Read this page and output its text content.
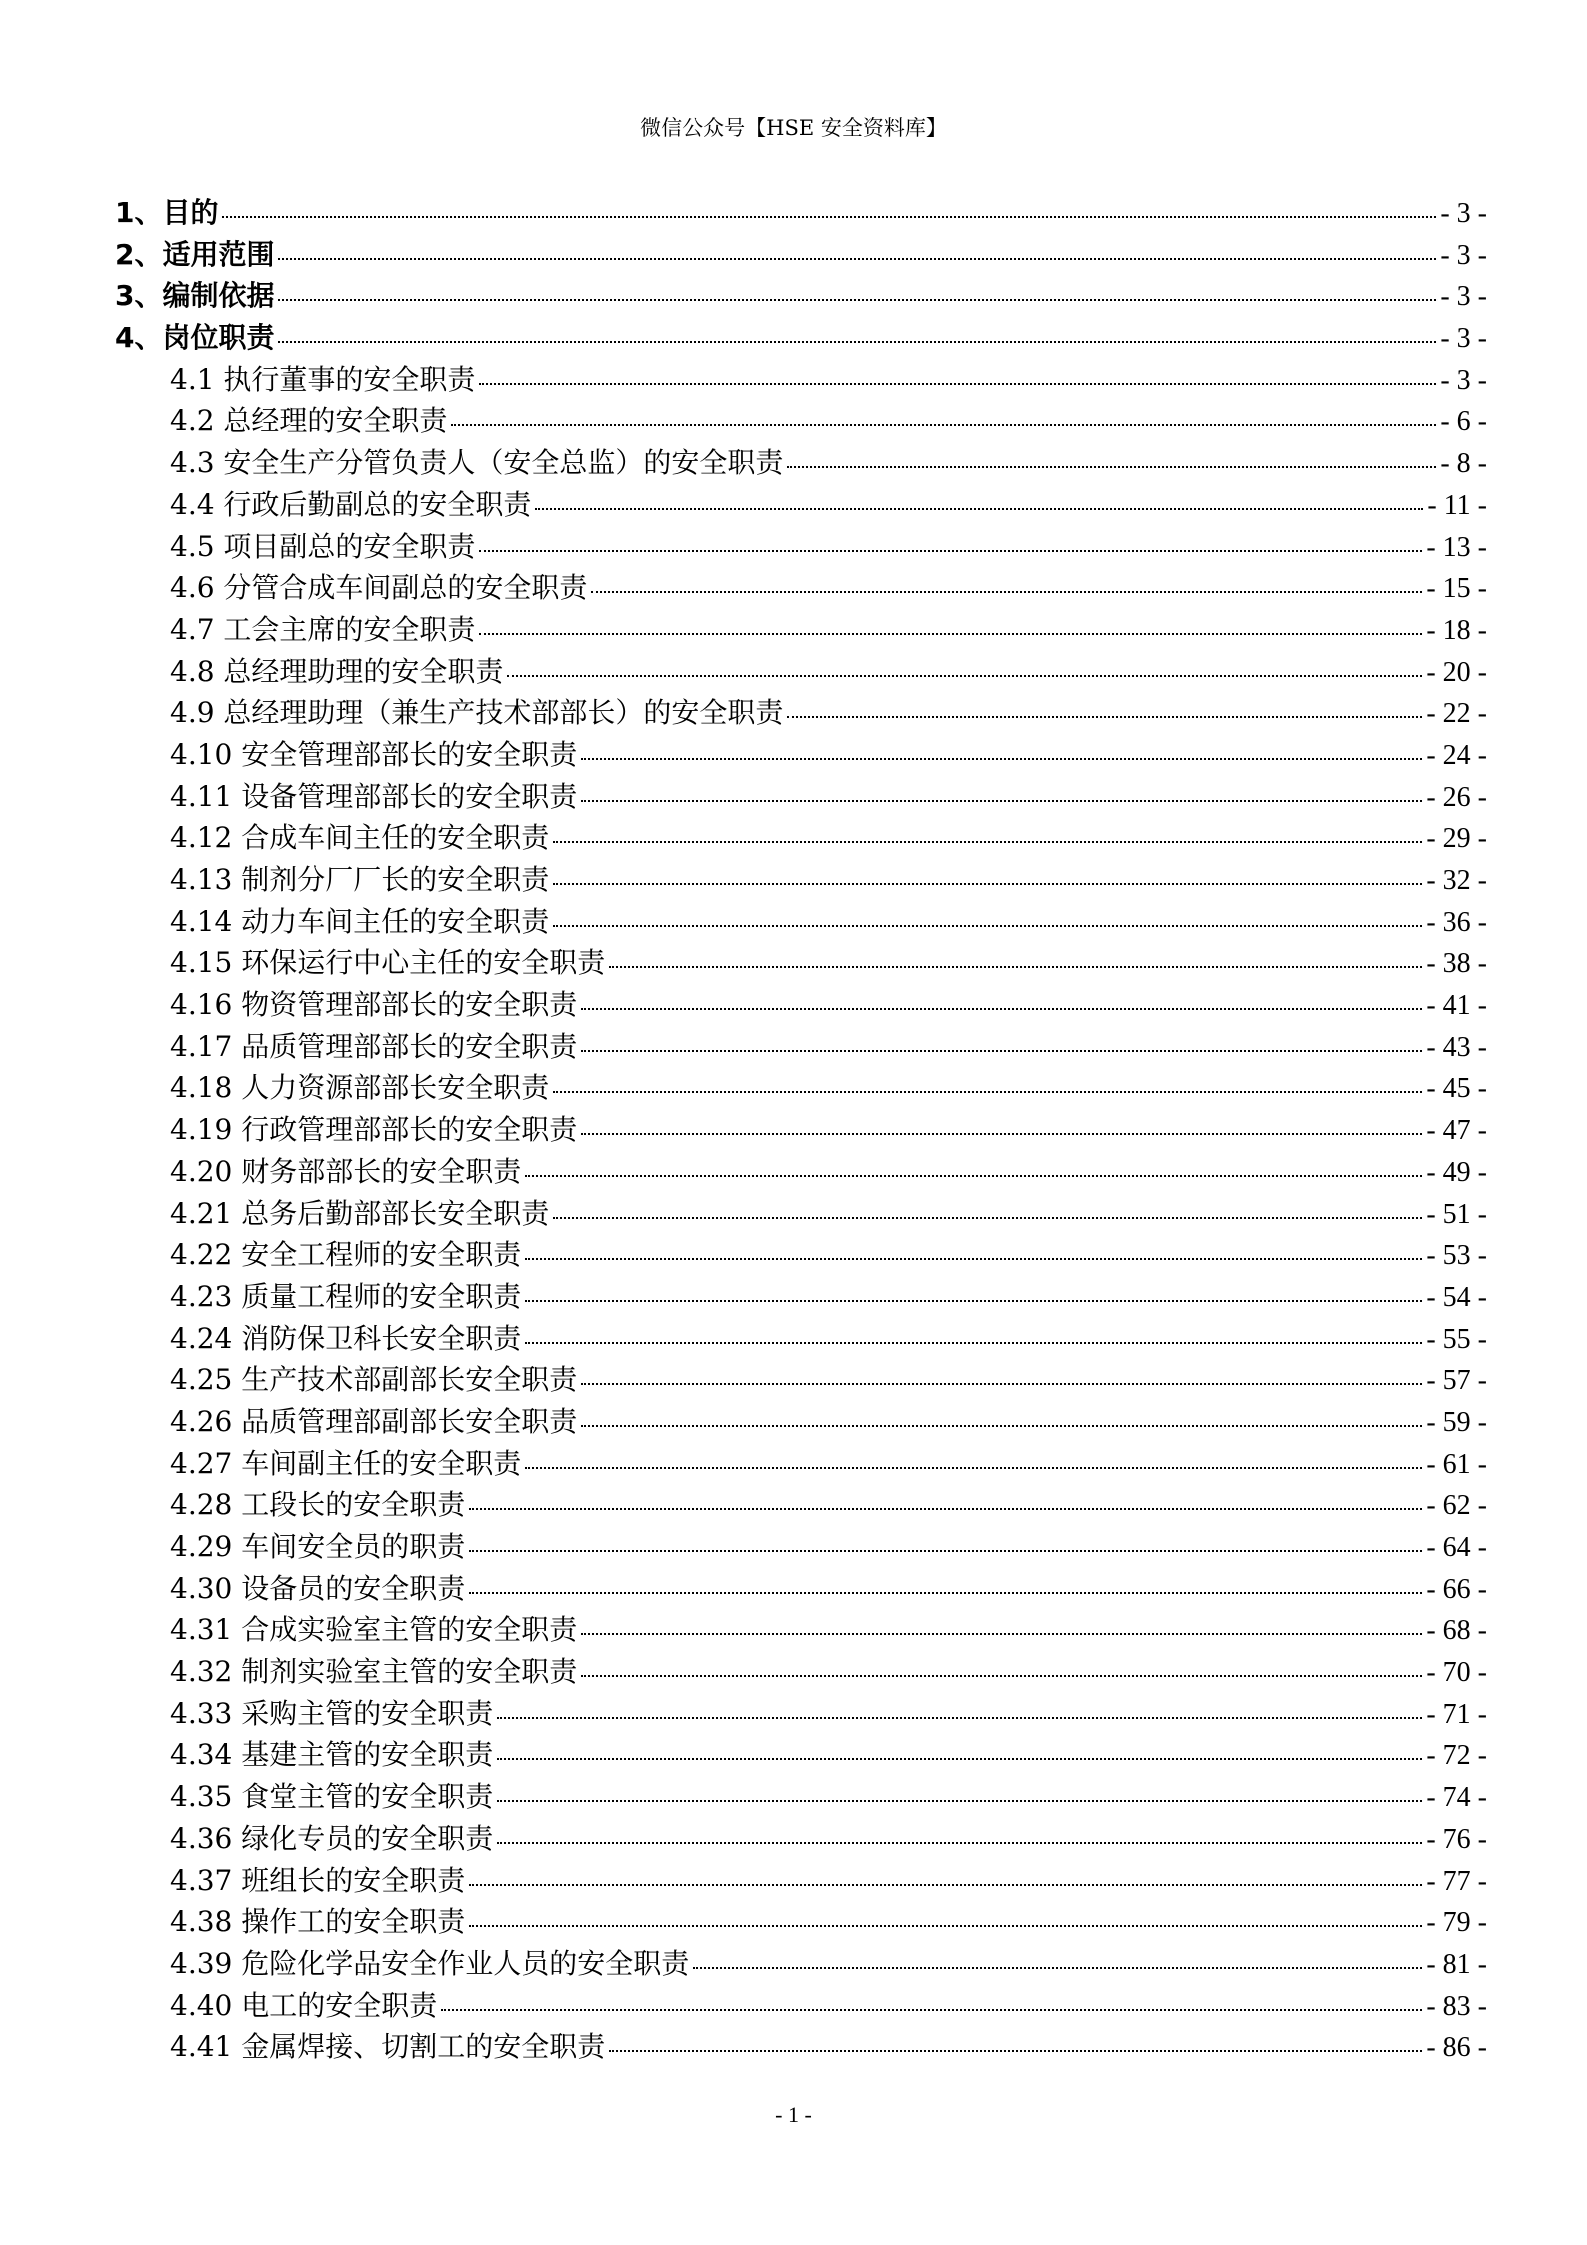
微信公众号【HSE 安全资料库】
1、目的	- 3 -
2、适用范围	- 3 -
3、编制依据	- 3 -
4、岗位职责	- 3 -
4.1 执行董事的安全职责	- 3 -
4.2 总经理的安全职责	- 6 -
4.3 安全生产分管负责人（安全总监）的安全职责	- 8 -
4.4 行政后勤副总的安全职责	- 11 -
4.5 项目副总的安全职责	- 13 -
4.6 分管合成车间副总的安全职责	- 15 -
4.7 工会主席的安全职责	- 18 -
4.8 总经理助理的安全职责	- 20 -
4.9 总经理助理（兼生产技术部部长）的安全职责	- 22 -
4.10 安全管理部部长的安全职责	- 24 -
4.11 设备管理部部长的安全职责	- 26 -
4.12 合成车间主任的安全职责	- 29 -
4.13 制剂分厂厂长的安全职责	- 32 -
4.14 动力车间主任的安全职责	- 36 -
4.15 环保运行中心主任的安全职责	- 38 -
4.16 物资管理部部长的安全职责	- 41 -
4.17 品质管理部部长的安全职责	- 43 -
4.18 人力资源部部长安全职责	- 45 -
4.19 行政管理部部长的安全职责	- 47 -
4.20 财务部部长的安全职责	- 49 -
4.21 总务后勤部部长安全职责	- 51 -
4.22 安全工程师的安全职责	- 53 -
4.23 质量工程师的安全职责	- 54 -
4.24 消防保卫科长安全职责	- 55 -
4.25 生产技术部副部长安全职责	- 57 -
4.26 品质管理部副部长安全职责	- 59 -
4.27 车间副主任的安全职责	- 61 -
4.28 工段长的安全职责	- 62 -
4.29 车间安全员的职责	- 64 -
4.30 设备员的安全职责	- 66 -
4.31 合成实验室主管的安全职责	- 68 -
4.32 制剂实验室主管的安全职责	- 70 -
4.33 采购主管的安全职责	- 71 -
4.34 基建主管的安全职责	- 72 -
4.35 食堂主管的安全职责	- 74 -
4.36 绿化专员的安全职责	- 76 -
4.37 班组长的安全职责	- 77 -
4.38 操作工的安全职责	- 79 -
4.39 危险化学品安全作业人员的安全职责	- 81 -
4.40 电工的安全职责	- 83 -
4.41 金属焊接、切割工的安全职责	- 86 -
- 1 -
